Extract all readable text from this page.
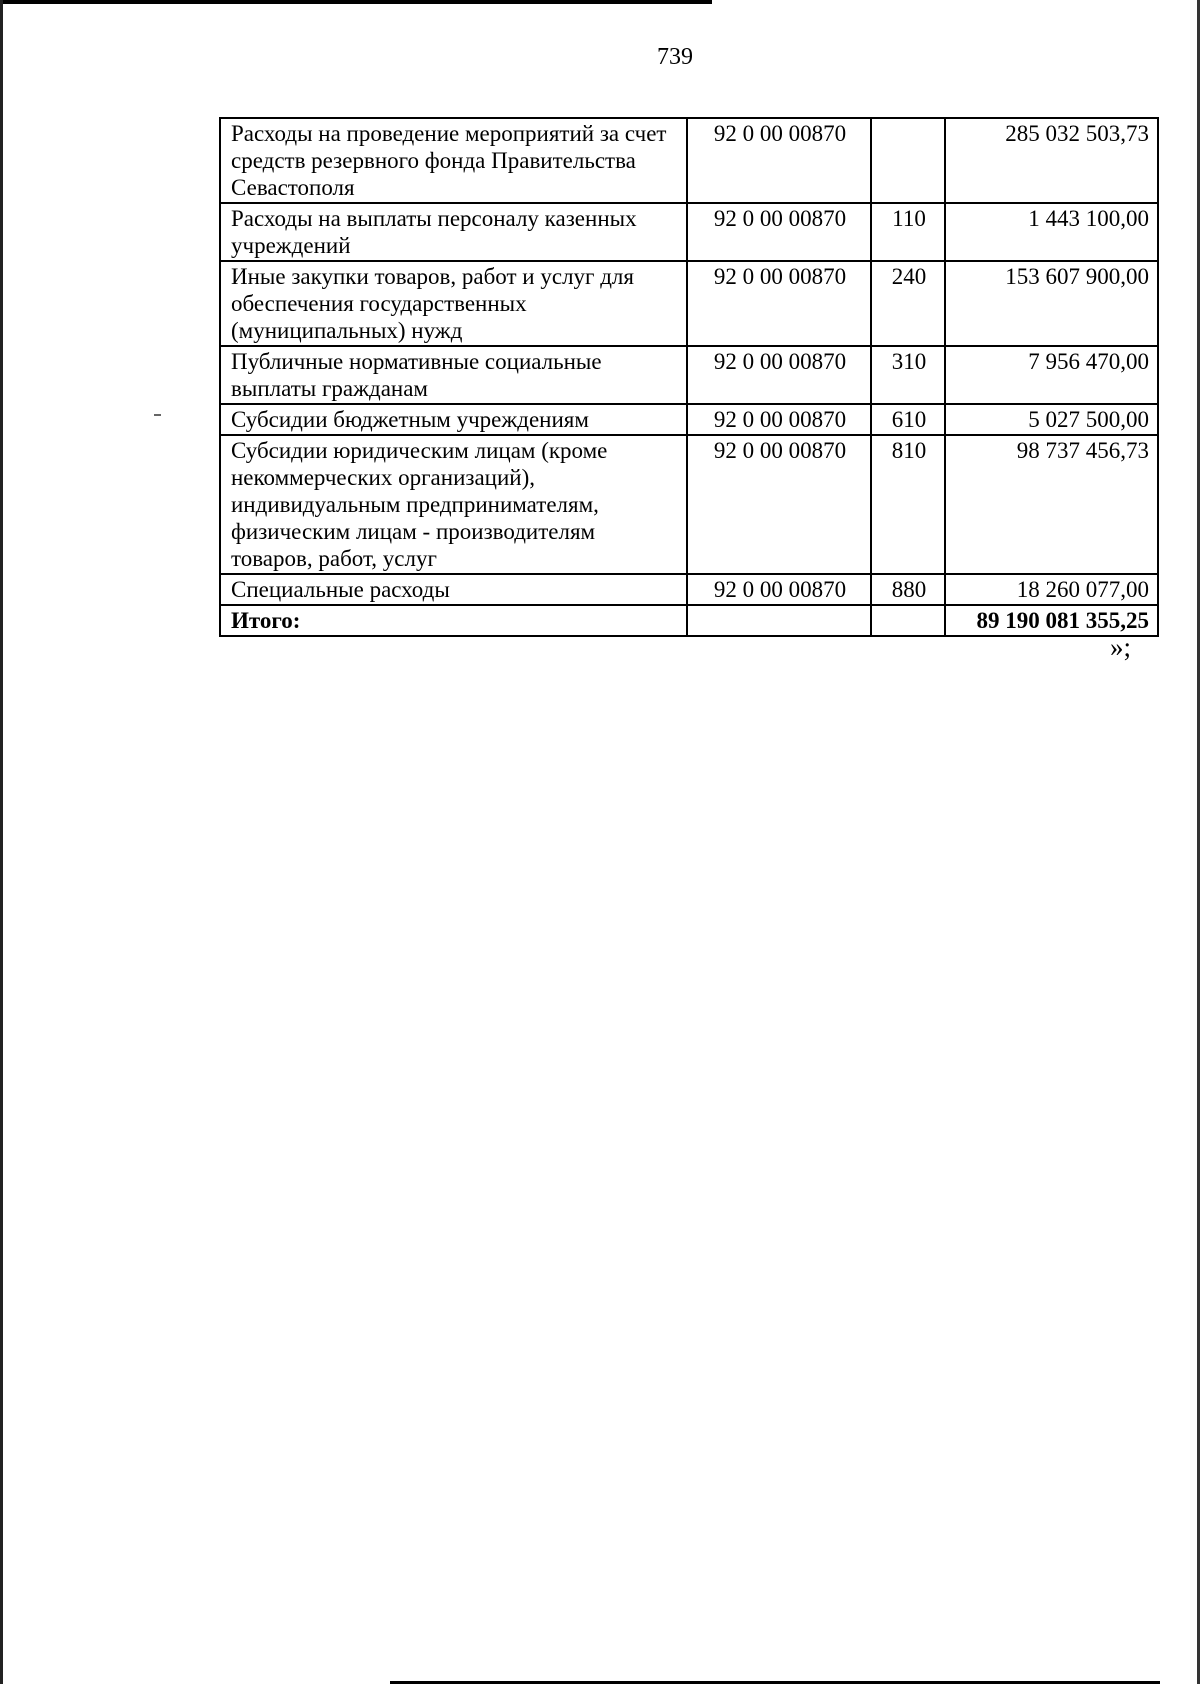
739
Расходы на проведение мероприятий за счет средств резервного фонда Правительства Севастополя	92 0 00 00870		285 032 503,73
Расходы на выплаты персоналу казенных учреждений	92 0 00 00870	110	1 443 100,00
Иные закупки товаров, работ и услуг для обеспечения государственных (муниципальных) нужд	92 0 00 00870	240	153 607 900,00
Публичные нормативные социальные выплаты гражданам	92 0 00 00870	310	7 956 470,00
Субсидии бюджетным учреждениям	92 0 00 00870	610	5 027 500,00
Субсидии юридическим лицам (кроме некоммерческих организаций), индивидуальным предпринимателям, физическим лицам - производителям товаров, работ, услуг	92 0 00 00870	810	98 737 456,73
Специальные расходы	92 0 00 00870	880	18 260 077,00
Итого:			89 190 081 355,25
»;
